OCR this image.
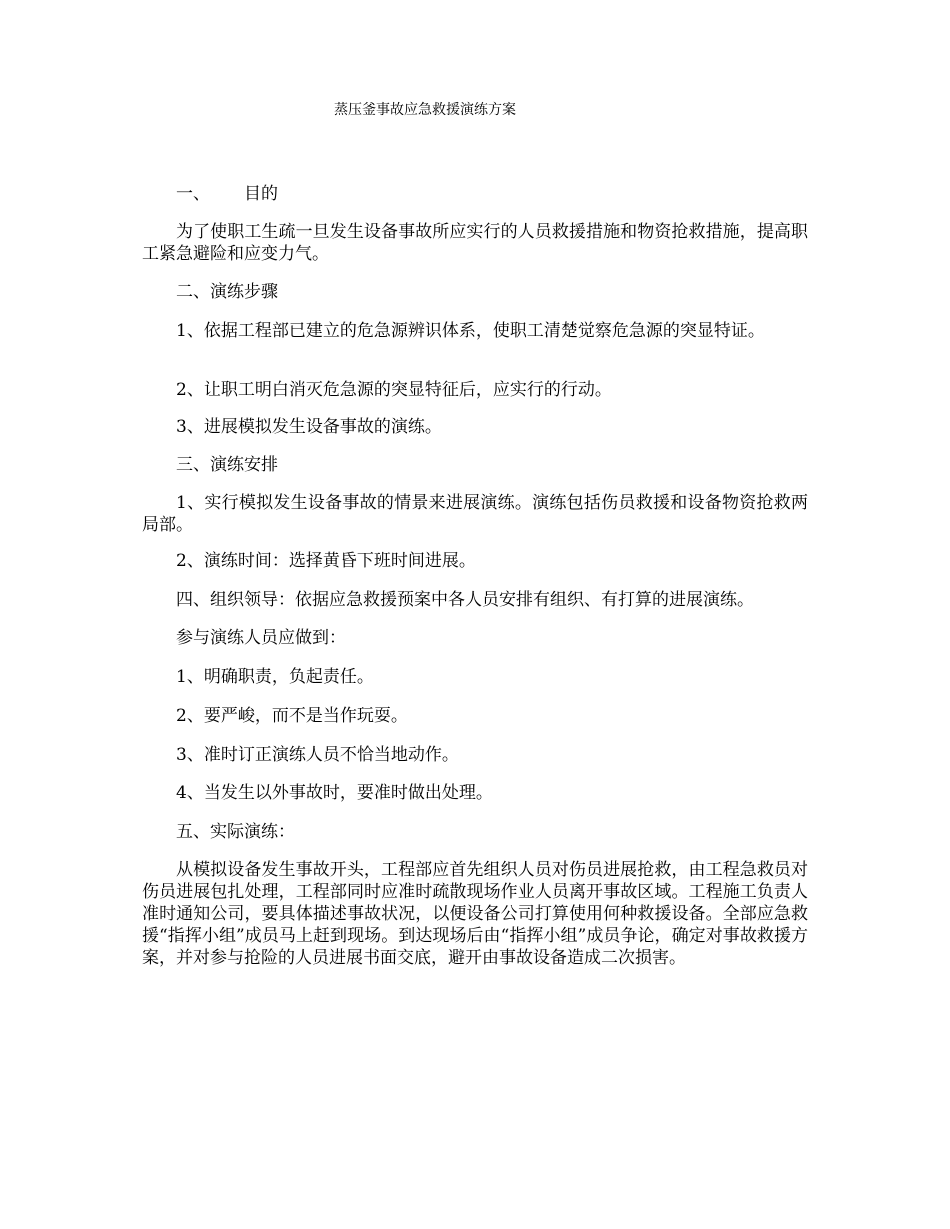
蒸压釜事故应急救援演练方案

一、 目的

为了使职工生疏一旦发生设备事故所应实行的人员救援措施和物资抢救措施，提高职工紧急避险和应变力气。

二、演练步骤

1、依据工程部已建立的危急源辨识体系，使职工清楚觉察危急源的突显特证。

2、让职工明白消灭危急源的突显特征后，应实行的行动。

3、进展模拟发生设备事故的演练。

三、演练安排

1、实行模拟发生设备事故的情景来进展演练。演练包括伤员救援和设备物资抢救两局部。

2、演练时间：选择黄昏下班时间进展。

四、组织领导：依据应急救援预案中各人员安排有组织、有打算的进展演练。

参与演练人员应做到：

1、明确职责，负起责任。

2、要严峻，而不是当作玩耍。

3、准时订正演练人员不恰当地动作。

4、当发生以外事故时，要准时做出处理。

五、实际演练：

从模拟设备发生事故开头，工程部应首先组织人员对伤员进展抢救，由工程急救员对伤员进展包扎处理，工程部同时应准时疏散现场作业人员离开事故区域。工程施工负责人准时通知公司，要具体描述事故状况，以便设备公司打算使用何种救援设备。全部应急救援“指挥小组”成员马上赶到现场。到达现场后由“指挥小组”成员争论，确定对事故救援方案，并对参与抢险的人员进展书面交底，避开由事故设备造成二次损害。
